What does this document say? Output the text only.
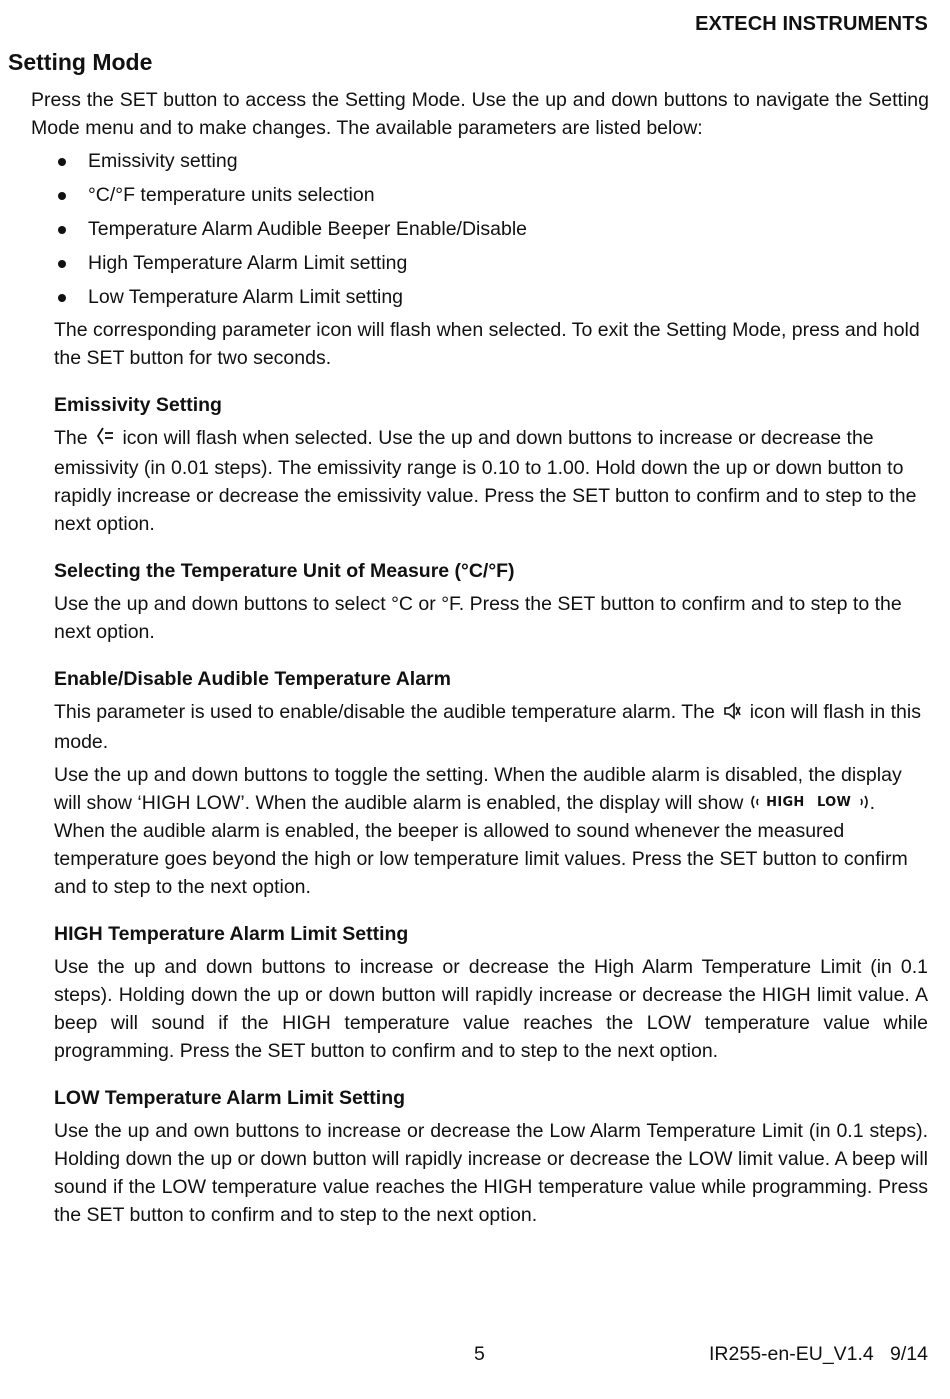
EXTECH INSTRUMENTS
Setting Mode

Press the SET button to access the Setting Mode. Use the up and down buttons to navigate the Setting Mode menu and to make changes. The available parameters are listed below:

Emissivity setting
°C/°F temperature units selection
Temperature Alarm Audible Beeper Enable/Disable
High Temperature Alarm Limit setting
Low Temperature Alarm Limit setting

The corresponding parameter icon will flash when selected. To exit the Setting Mode, press and hold the SET button for two seconds.

Emissivity Setting

The icon will flash when selected. Use the up and down buttons to increase or decrease the emissivity (in 0.01 steps). The emissivity range is 0.10 to 1.00. Hold down the up or down button to rapidly increase or decrease the emissivity value. Press the SET button to confirm and to step to the next option.

Selecting the Temperature Unit of Measure (°C/°F)

Use the up and down buttons to select °C or °F. Press the SET button to confirm and to step to the next option.

Enable/Disable Audible Temperature Alarm

This parameter is used to enable/disable the audible temperature alarm. The icon will flash in this mode.

Use the up and down buttons to toggle the setting. When the audible alarm is disabled, the display will show ‘HIGH LOW’. When the audible alarm is enabled, the display will show HIGH LOW . When the audible alarm is enabled, the beeper is allowed to sound whenever the measured temperature goes beyond the high or low temperature limit values. Press the SET button to confirm and to step to the next option.

HIGH Temperature Alarm Limit Setting

Use the up and down buttons to increase or decrease the High Alarm Temperature Limit (in 0.1 steps). Holding down the up or down button will rapidly increase or decrease the HIGH limit value. A beep will sound if the HIGH temperature value reaches the LOW temperature value while programming. Press the SET button to confirm and to step to the next option.

LOW Temperature Alarm Limit Setting

Use the up and own buttons to increase or decrease the Low Alarm Temperature Limit (in 0.1 steps). Holding down the up or down button will rapidly increase or decrease the LOW limit value. A beep will sound if the LOW temperature value reaches the HIGH temperature value while programming. Press the SET button to confirm and to step to the next option.

5	IR255-en-EU_V1.4 9/14
